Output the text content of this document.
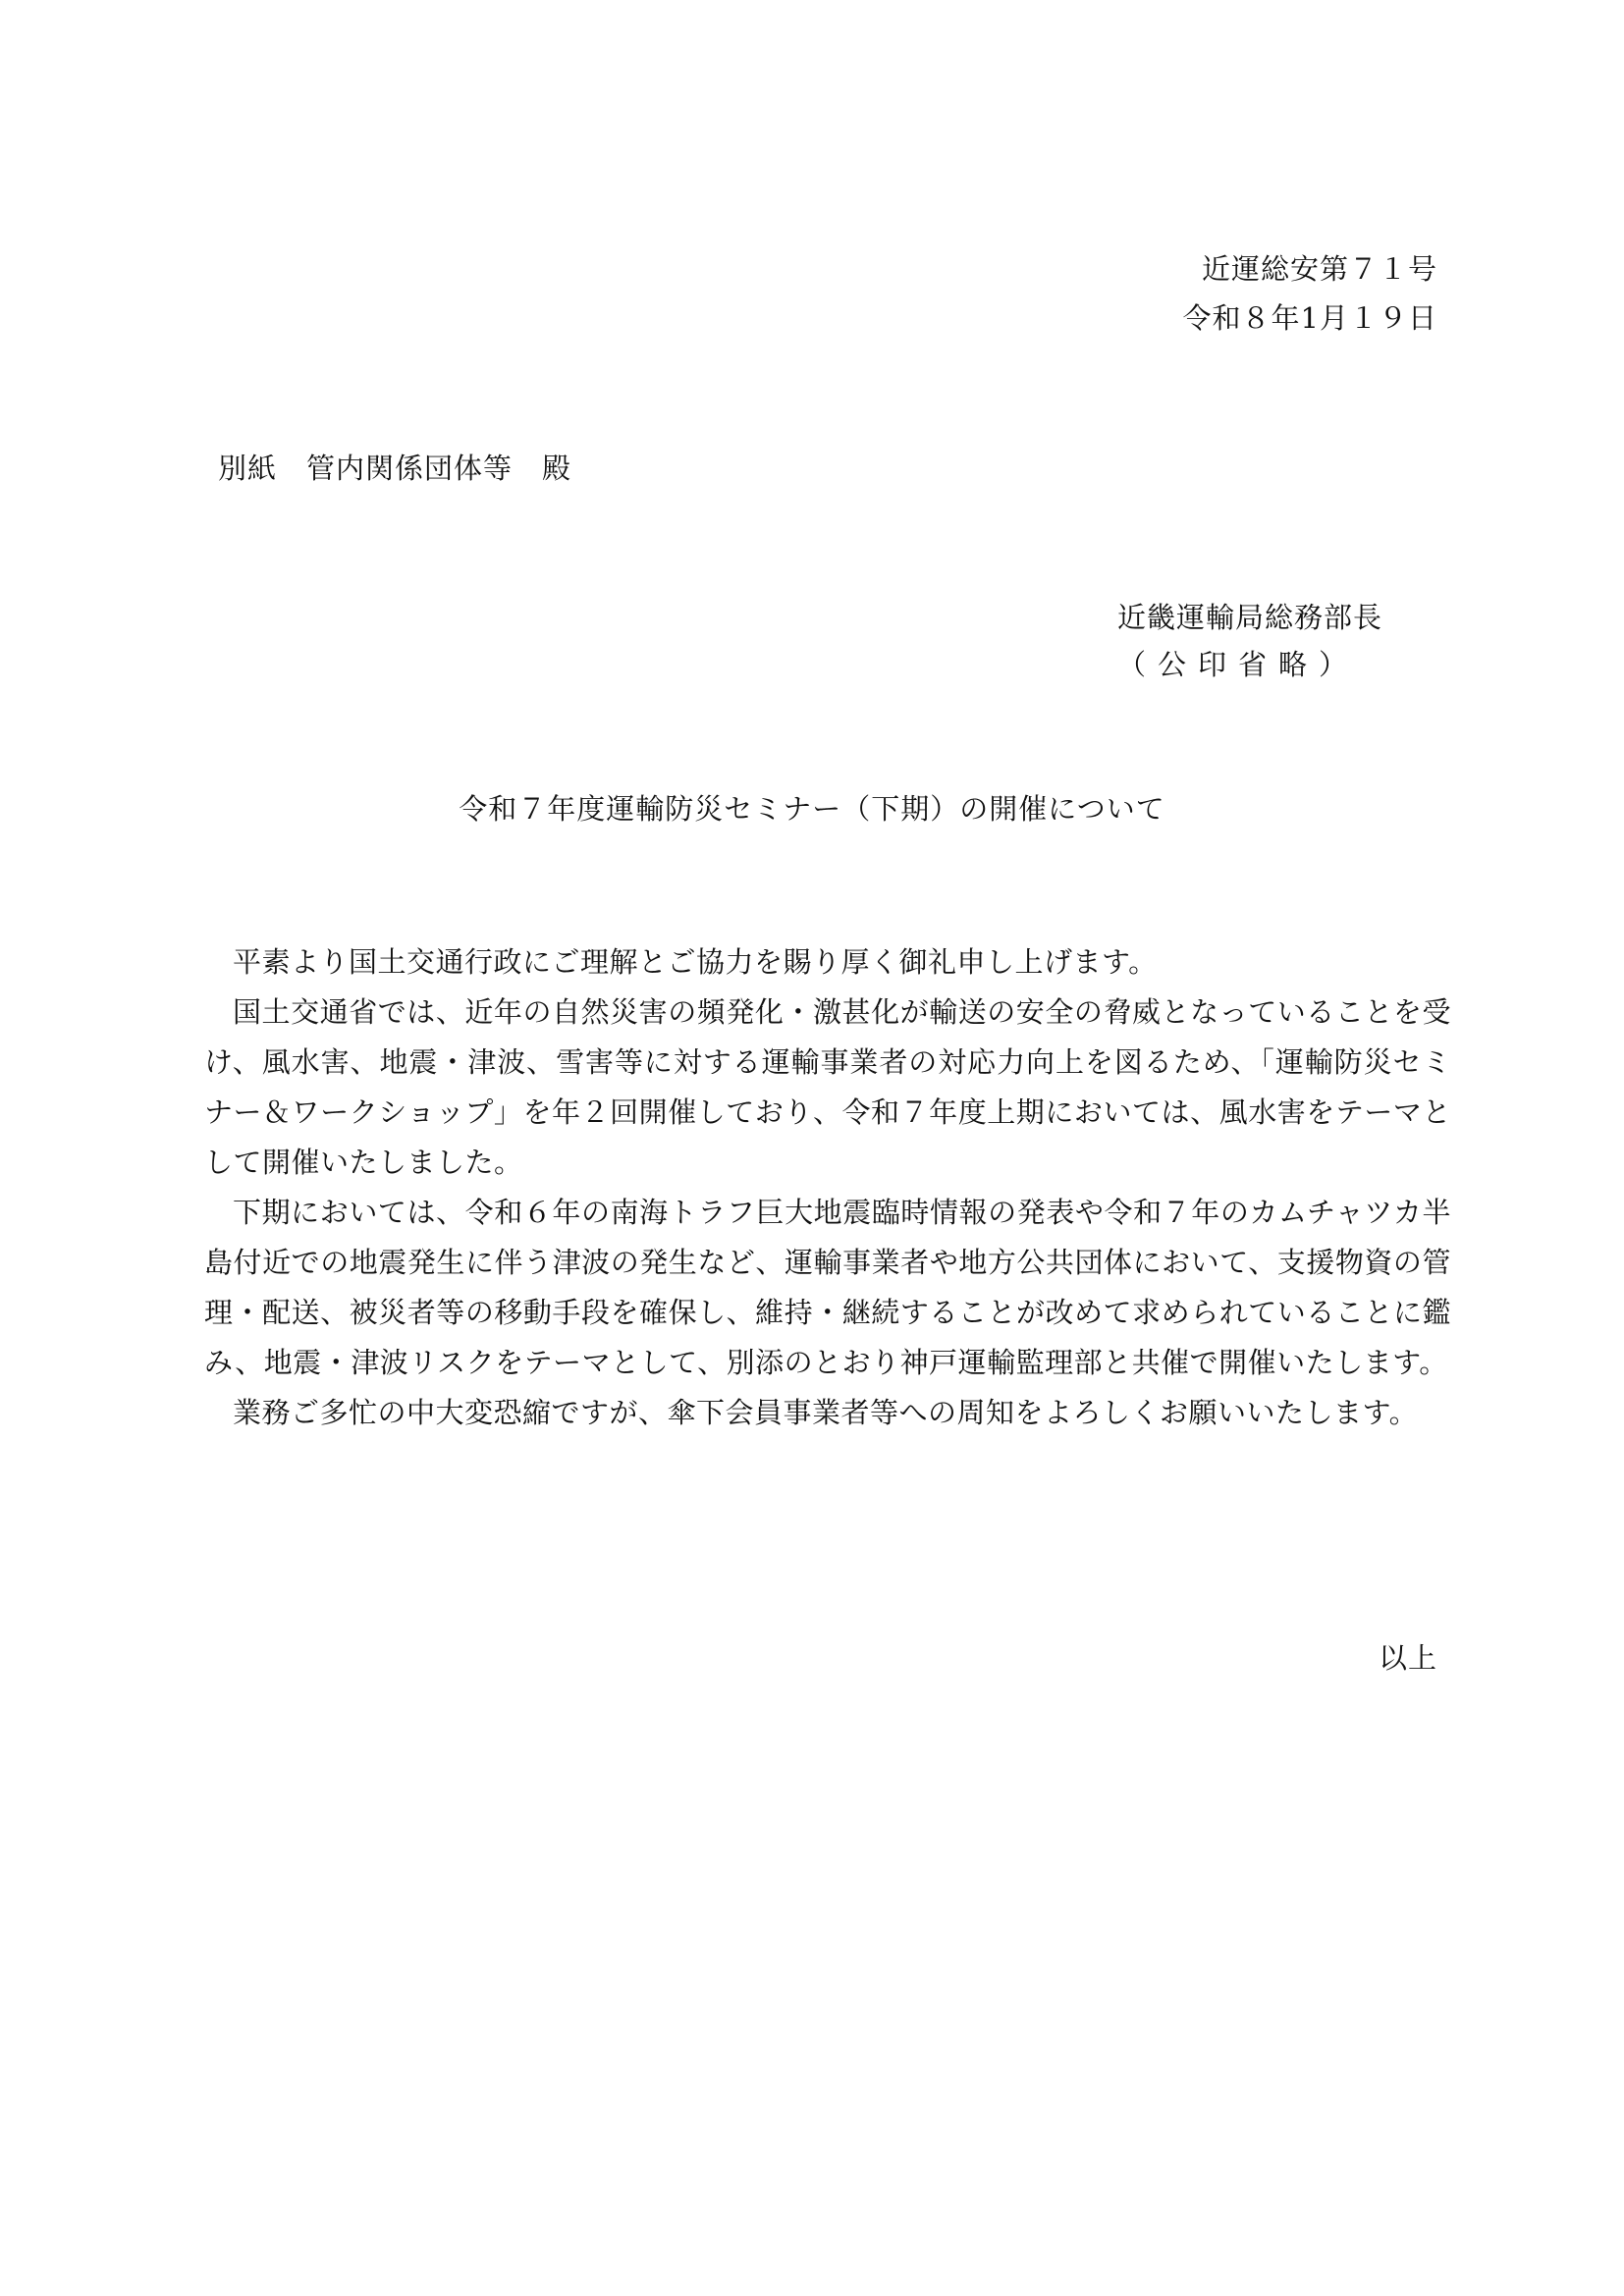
近運総安第７１号
令和８年1月１９日
別紙　管内関係団体等　殿
近畿運輸局総務部長
（公印省略）
令和７年度運輸防災セミナー（下期）の開催について

平素より国土交通行政にご理解とご協力を賜り厚く御礼申し上げます。

国土交通省では、近年の自然災害の頻発化・激甚化が輸送の安全の脅威となっていることを受け、風水害、地震・津波、雪害等に対する運輸事業者の対応力向上を図るため、「運輸防災セミナー＆ワークショップ」を年２回開催しており、令和７年度上期においては、風水害をテーマとして開催いたしました。

下期においては、令和６年の南海トラフ巨大地震臨時情報の発表や令和７年のカムチャツカ半島付近での地震発生に伴う津波の発生など、運輸事業者や地方公共団体において、支援物資の管理・配送、被災者等の移動手段を確保し、維持・継続することが改めて求められていることに鑑み、地震・津波リスクをテーマとして、別添のとおり神戸運輸監理部と共催で開催いたします。

業務ご多忙の中大変恐縮ですが、傘下会員事業者等への周知をよろしくお願いいたします。

以上
